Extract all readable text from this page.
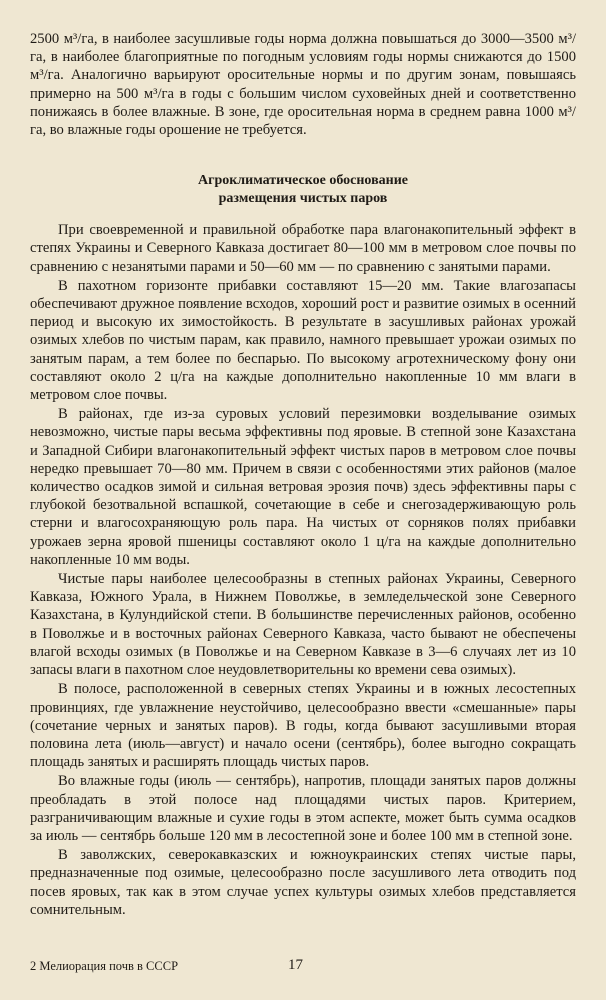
2500 м³/га, в наиболее засушливые годы норма должна повышаться до 3000—3500 м³/га, в наиболее благоприятные по погодным условиям годы нормы снижаются до 1500 м³/га. Аналогично варьируют оросительные нормы и по другим зонам, повышаясь примерно на 500 м³/га в годы с большим числом суховейных дней и соответственно понижаясь в более влажные. В зоне, где оросительная норма в среднем равна 1000 м³/га, во влажные годы орошение не требуется.

Агроклиматическое обоснование
размещения чистых паров

При своевременной и правильной обработке пара влагонакопительный эффект в степях Украины и Северного Кавказа достигает 80—100 мм в метровом слое почвы по сравнению с незанятыми парами и 50—60 мм — по сравнению с занятыми парами.

В пахотном горизонте прибавки составляют 15—20 мм. Такие влагозапасы обеспечивают дружное появление всходов, хороший рост и развитие озимых в осенний период и высокую их зимостойкость. В результате в засушливых районах урожай озимых хлебов по чистым парам, как правило, намного превышает урожаи озимых по занятым парам, а тем более по беспарью. По высокому агротехническому фону они составляют около 2 ц/га на каждые дополнительно накопленные 10 мм влаги в метровом слое почвы.

В районах, где из-за суровых условий перезимовки возделывание озимых невозможно, чистые пары весьма эффективны под яровые. В степной зоне Казахстана и Западной Сибири влагонакопительный эффект чистых паров в метровом слое почвы нередко превышает 70—80 мм. Причем в связи с особенностями этих районов (малое количество осадков зимой и сильная ветровая эрозия почв) здесь эффективны пары с глубокой безотвальной вспашкой, сочетающие в себе и снегозадерживающую роль стерни и влагосохраняющую роль пара. На чистых от сорняков полях прибавки урожаев зерна яровой пшеницы составляют около 1 ц/га на каждые дополнительно накопленные 10 мм воды.

Чистые пары наиболее целесообразны в степных районах Украины, Северного Кавказа, Южного Урала, в Нижнем Поволжье, в земледельческой зоне Северного Казахстана, в Кулундийской степи. В большинстве перечисленных районов, особенно в Поволжье и в восточных районах Северного Кавказа, часто бывают не обеспечены влагой всходы озимых (в Поволжье и на Северном Кавказе в 3—6 случаях лет из 10 запасы влаги в пахотном слое неудовлетворительны ко времени сева озимых).

В полосе, расположенной в северных степях Украины и в южных лесостепных провинциях, где увлажнение неустойчиво, целесообразно ввести «смешанные» пары (сочетание черных и занятых паров). В годы, когда бывают засушливыми вторая половина лета (июль—август) и начало осени (сентябрь), более выгодно сокращать площадь занятых и расширять площадь чистых паров.

Во влажные годы (июль — сентябрь), напротив, площади занятых паров должны преобладать в этой полосе над площадями чистых паров. Критерием, разграничивающим влажные и сухие годы в этом аспекте, может быть сумма осадков за июль — сентябрь больше 120 мм в лесостепной зоне и более 100 мм в степной зоне.

В заволжских, северокавказских и южноукраинских степях чистые пары, предназначенные под озимые, целесообразно после засушливого лета отводить под посев яровых, так как в этом случае успех культуры озимых хлебов представляется сомнительным.

2 Мелиорация почв в СССР	17
